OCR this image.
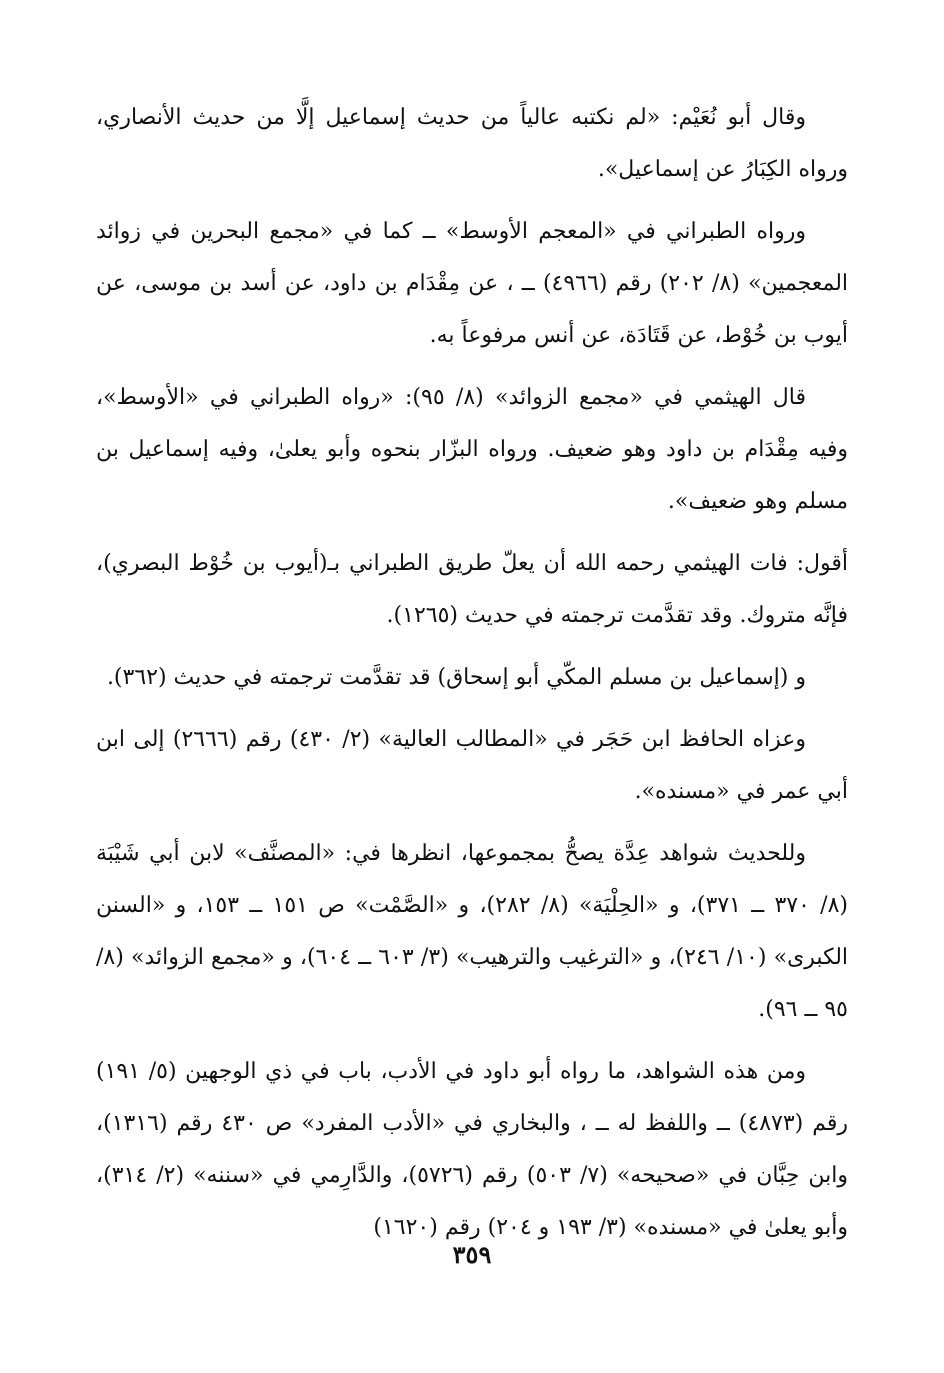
وقال أبو نُعَيْم: «لم نكتبه عالياً من حديث إسماعيل إلَّا من حديث الأنصاري، ورواه الكِبَارُ عن إسماعيل».

ورواه الطبراني في «المعجم الأوسط» ــ كما في «مجمع البحرين في زوائد المعجمين» (٨/ ٢٠٢) رقم (٤٩٦٦) ــ ، عن مِقْدَام بن داود، عن أسد بن موسى، عن أيوب بن خُوْط، عن قَتَادَة، عن أنس مرفوعاً به.

قال الهيثمي في «مجمع الزوائد» (٨/ ٩٥): «رواه الطبراني في «الأوسط»، وفيه مِقْدَام بن داود وهو ضعيف. ورواه البزّار بنحوه وأبو يعلىٰ، وفيه إسماعيل بن مسلم وهو ضعيف».

أقول: فات الهيثمي رحمه الله أن يعلّ طريق الطبراني بـ(أيوب بن خُوْط البصري)، فإنَّه متروك. وقد تقدَّمت ترجمته في حديث (١٢٦٥).

و (إسماعيل بن مسلم المكّي أبو إسحاق) قد تقدَّمت ترجمته في حديث (٣٦٢).

وعزاه الحافظ ابن حَجَر في «المطالب العالية» (٢/ ٤٣٠) رقم (٢٦٦٦) إلى ابن أبي عمر في «مسنده».

وللحديث شواهد عِدَّة يصحُّ بمجموعها، انظرها في: «المصنَّف» لابن أبي شَيْبَة (٨/ ٣٧٠ ــ ٣٧١)، و «الحِلْيَة» (٨/ ٢٨٢)، و «الصَّمْت» ص ١٥١ ــ ١٥٣، و «السنن الكبرى» (١٠/ ٢٤٦)، و «الترغيب والترهيب» (٣/ ٦٠٣ ــ ٦٠٤)، و «مجمع الزوائد» (٨/ ٩٥ ــ ٩٦).

ومن هذه الشواهد، ما رواه أبو داود في الأدب، باب في ذي الوجهين (٥/ ١٩١) رقم (٤٨٧٣) ــ واللفظ له ــ ، والبخاري في «الأدب المفرد» ص ٤٣٠ رقم (١٣١٦)، وابن حِبَّان في «صحيحه» (٧/ ٥٠٣) رقم (٥٧٢٦)، والدَّارِمي في «سننه» (٢/ ٣١٤)، وأبو يعلىٰ في «مسنده» (٣/ ١٩٣ و ٢٠٤) رقم (١٦٢٠)

٣٥٩
